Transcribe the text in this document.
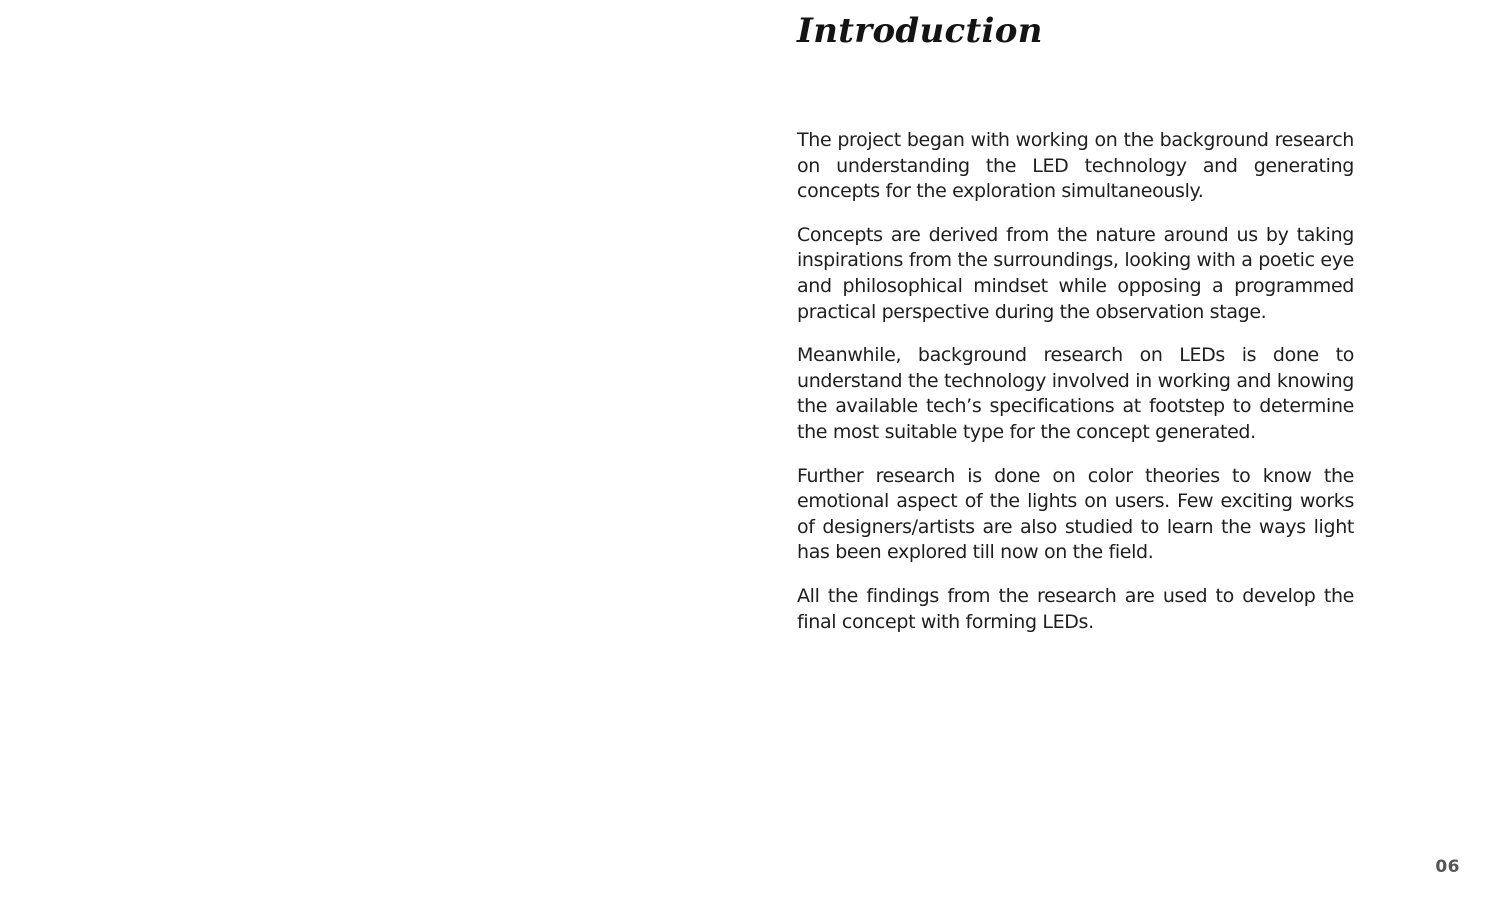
Introduction

The project began with working on the background research on understanding the LED technology and generating concepts for the exploration simultaneously.

Concepts are derived from the nature around us by taking inspirations from the surroundings, looking with a poetic eye and philosophical mindset while opposing a programmed practical perspective during the observation stage.

Meanwhile, background research on LEDs is done to understand the technology involved in working and knowing the available tech’s specifications at footstep to determine the most suitable type for the concept generated.

Further research is done on color theories to know the emotional aspect of the lights on users. Few exciting works of designers/artists are also studied to learn the ways light has been explored till now on the field.

All the findings from the research are used to develop the final concept with forming LEDs.

06
